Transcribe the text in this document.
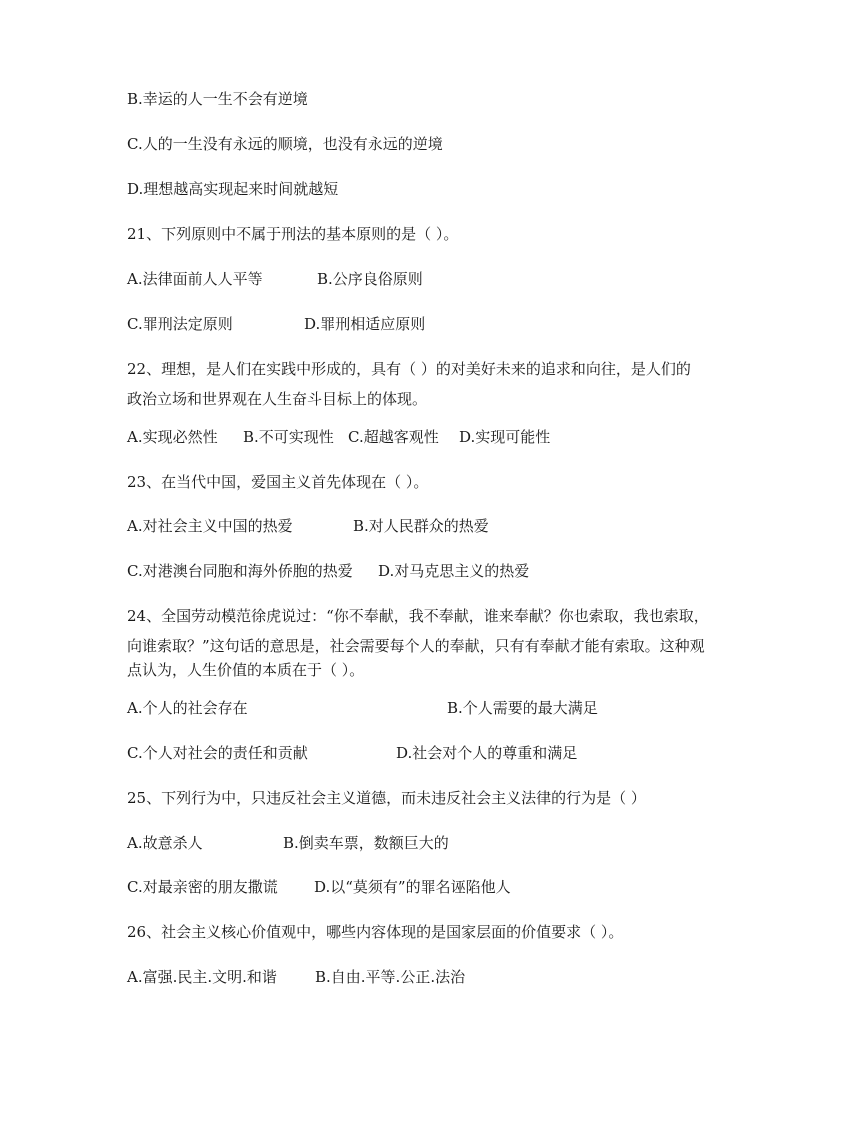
B.幸运的人一生不会有逆境
C.人的一生没有永远的顺境，也没有永远的逆境
D.理想越高实现起来时间就越短
21、下列原则中不属于刑法的基本原则的是（ ）。
A.法律面前人人平等	B.公序良俗原则
C.罪刑法定原则	D.罪刑相适应原则
22、理想，是人们在实践中形成的，具有（ ）的对美好未来的追求和向往，是人们的
政治立场和世界观在人生奋斗目标上的体现。
A.实现必然性 B.不可实现性 C.超越客观性 D.实现可能性
23、在当代中国，爱国主义首先体现在（ ）。
A.对社会主义中国的热爱	B.对人民群众的热爱
C.对港澳台同胞和海外侨胞的热爱 D.对马克思主义的热爱
24、全国劳动模范徐虎说过：“你不奉献，我不奉献，谁来奉献？你也索取，我也索取，
向谁索取？”这句话的意思是，社会需要每个人的奉献，只有有奉献才能有索取。这种观
点认为，人生价值的本质在于（ ）。
A.个人的社会存在	B.个人需要的最大满足
C.个人对社会的责任和贡献	D.社会对个人的尊重和满足
25、下列行为中，只违反社会主义道德，而未违反社会主义法律的行为是（ ）
A.故意杀人	B.倒卖车票，数额巨大的
C.对最亲密的朋友撒谎 D.以“莫须有”的罪名诬陷他人
26、社会主义核心价值观中，哪些内容体现的是国家层面的价值要求（ ）。
A.富强.民主.文明.和谐	B.自由.平等.公正.法治
